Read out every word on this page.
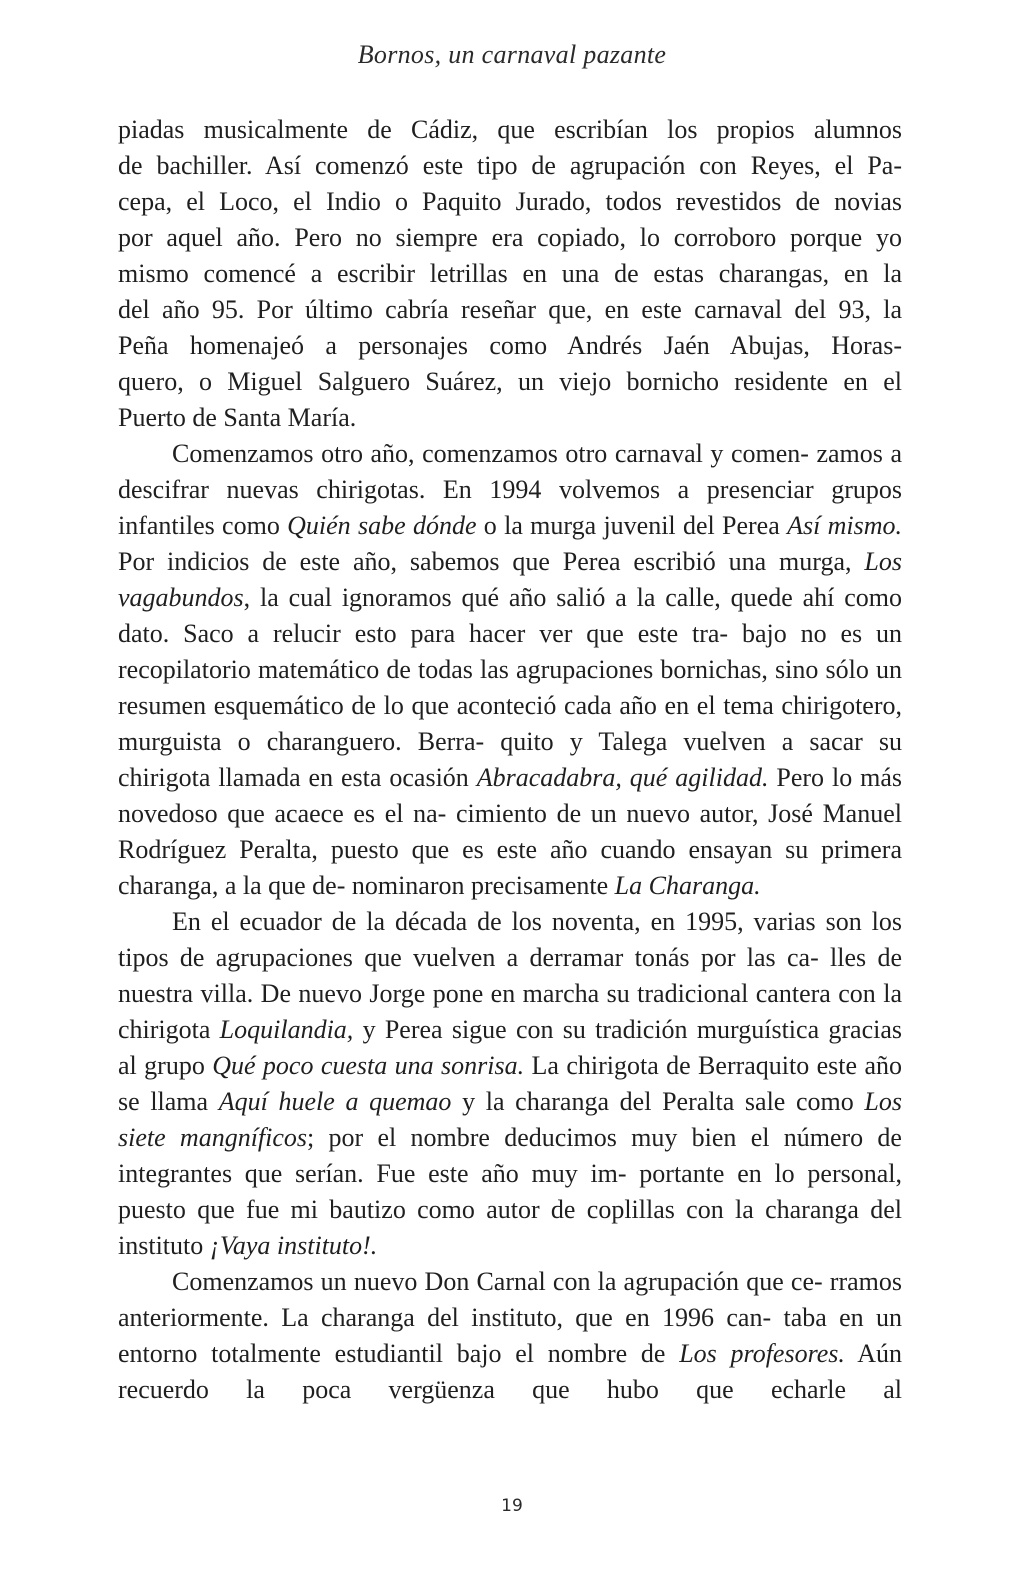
Bornos, un carnaval pazante

piadas musicalmente de Cádiz, que escribían los propios alumnos

de bachiller. Así comenzó este tipo de agrupación con Reyes, el Pa-

cepa, el Loco, el Indio o Paquito Jurado, todos revestidos de novias

por aquel año. Pero no siempre era copiado, lo corroboro porque yo

mismo comencé a escribir letrillas en una de estas charangas, en la

del año 95. Por último cabría reseñar que, en este carnaval del 93, la

Peña homenajeó a personajes como Andrés Jaén Abujas, Horas-

quero, o Miguel Salguero Suárez, un viejo bornicho residente en el

Puerto de Santa María.

Comenzamos otro año, comenzamos otro carnaval y comen- zamos a descifrar nuevas chirigotas. En 1994 volvemos a presenciar grupos infantiles como Quién sabe dónde o la murga juvenil del Perea Así mismo. Por indicios de este año, sabemos que Perea escribió una murga, Los vagabundos, la cual ignoramos qué año salió a la calle, quede ahí como dato. Saco a relucir esto para hacer ver que este tra- bajo no es un recopilatorio matemático de todas las agrupaciones bornichas, sino sólo un resumen esquemático de lo que aconteció cada año en el tema chirigotero, murguista o charanguero. Berra- quito y Talega vuelven a sacar su chirigota llamada en esta ocasión Abracadabra, qué agilidad. Pero lo más novedoso que acaece es el na- cimiento de un nuevo autor, José Manuel Rodríguez Peralta, puesto que es este año cuando ensayan su primera charanga, a la que de- nominaron precisamente La Charanga.

En el ecuador de la década de los noventa, en 1995, varias son los tipos de agrupaciones que vuelven a derramar tonás por las ca- lles de nuestra villa. De nuevo Jorge pone en marcha su tradicional cantera con la chirigota Loquilandia, y Perea sigue con su tradición murguística gracias al grupo Qué poco cuesta una sonrisa. La chirigota de Berraquito este año se llama Aquí huele a quemao y la charanga del Peralta sale como Los siete mangníficos; por el nombre deducimos muy bien el número de integrantes que serían. Fue este año muy im- portante en lo personal, puesto que fue mi bautizo como autor de coplillas con la charanga del instituto ¡Vaya instituto!.

Comenzamos un nuevo Don Carnal con la agrupación que ce- rramos anteriormente. La charanga del instituto, que en 1996 can- taba en un entorno totalmente estudiantil bajo el nombre de Los profesores. Aún recuerdo la poca vergüenza que hubo que echarle al

19
